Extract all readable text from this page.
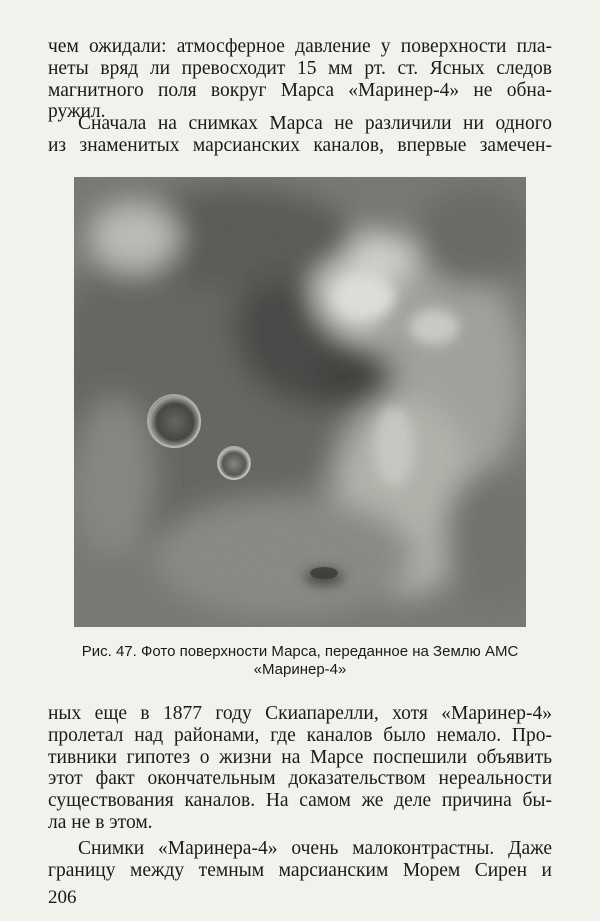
чем ожидали: атмосферное давление у поверхности пла-
неты вряд ли превосходит 15 мм рт. ст. Ясных следов
магнитного поля вокруг Марса «Маринер-4» не обна-
ружил.
Сначала на снимках Марса не различили ни одного
из знаменитых марсианских каналов, впервые замечен-
Рис. 47. Фото поверхности Марса, переданное на Землю АМС
«Маринер-4»
ных еще в 1877 году Скиапарелли, хотя «Маринер-4»
пролетал над районами, где каналов было немало. Про-
тивники гипотез о жизни на Марсе поспешили объявить
этот факт окончательным доказательством нереальности
существования каналов. На самом же деле причина бы-
ла не в этом.
Снимки «Маринера-4» очень малоконтрастны. Даже
границу между темным марсианским Морем Сирен и
206
